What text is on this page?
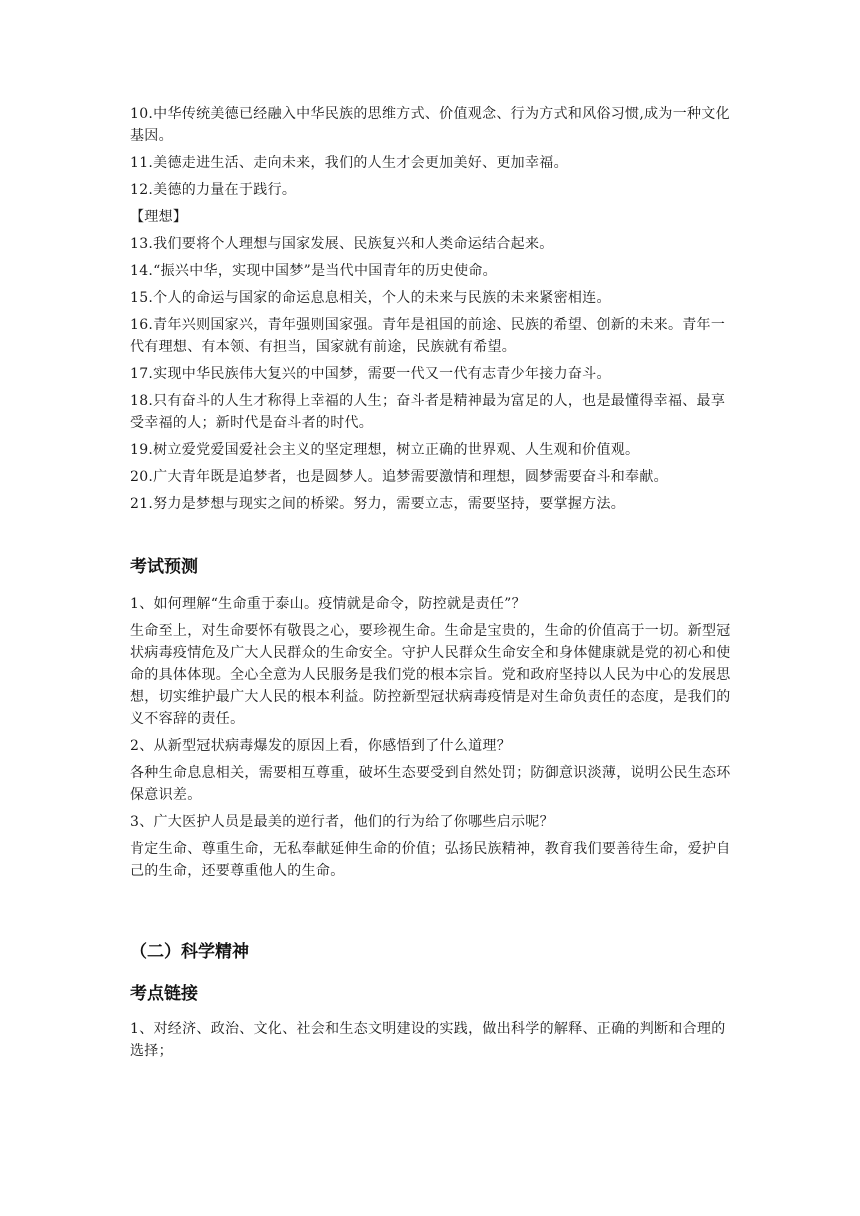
10.中华传统美德已经融入中华民族的思维方式、价值观念、行为方式和风俗习惯,成为一种文化基因。

11.美德走进生活、走向未来，我们的人生才会更加美好、更加幸福。

12.美德的力量在于践行。

【理想】

13.我们要将个人理想与国家发展、民族复兴和人类命运结合起来。

14.“振兴中华，实现中国梦”是当代中国青年的历史使命。

15.个人的命运与国家的命运息息相关，个人的未来与民族的未来紧密相连。

16.青年兴则国家兴，青年强则国家强。青年是祖国的前途、民族的希望、创新的未来。青年一代有理想、有本领、有担当，国家就有前途，民族就有希望。

17.实现中华民族伟大复兴的中国梦，需要一代又一代有志青少年接力奋斗。

18.只有奋斗的人生才称得上幸福的人生；奋斗者是精神最为富足的人，也是最懂得幸福、最享受幸福的人；新时代是奋斗者的时代。

19.树立爱党爱国爱社会主义的坚定理想，树立正确的世界观、人生观和价值观。

20.广大青年既是追梦者，也是圆梦人。追梦需要激情和理想，圆梦需要奋斗和奉献。

21.努力是梦想与现实之间的桥梁。努力，需要立志，需要坚持，要掌握方法。

考试预测

1、如何理解“生命重于泰山。疫情就是命令，防控就是责任”？

生命至上，对生命要怀有敬畏之心，要珍视生命。生命是宝贵的，生命的价值高于一切。新型冠状病毒疫情危及广大人民群众的生命安全。守护人民群众生命安全和身体健康就是党的初心和使命的具体体现。全心全意为人民服务是我们党的根本宗旨。党和政府坚持以人民为中心的发展思想，切实维护最广大人民的根本利益。防控新型冠状病毒疫情是对生命负责任的态度，是我们的义不容辞的责任。

2、从新型冠状病毒爆发的原因上看，你感悟到了什么道理？

各种生命息息相关，需要相互尊重，破坏生态要受到自然处罚；防御意识淡薄，说明公民生态环保意识差。

3、广大医护人员是最美的逆行者，他们的行为给了你哪些启示呢？

肯定生命、尊重生命，无私奉献延伸生命的价值；弘扬民族精神，教育我们要善待生命，爱护自己的生命，还要尊重他人的生命。

（二）科学精神
考点链接

1、对经济、政治、文化、社会和生态文明建设的实践，做出科学的解释、正确的判断和合理的选择；
